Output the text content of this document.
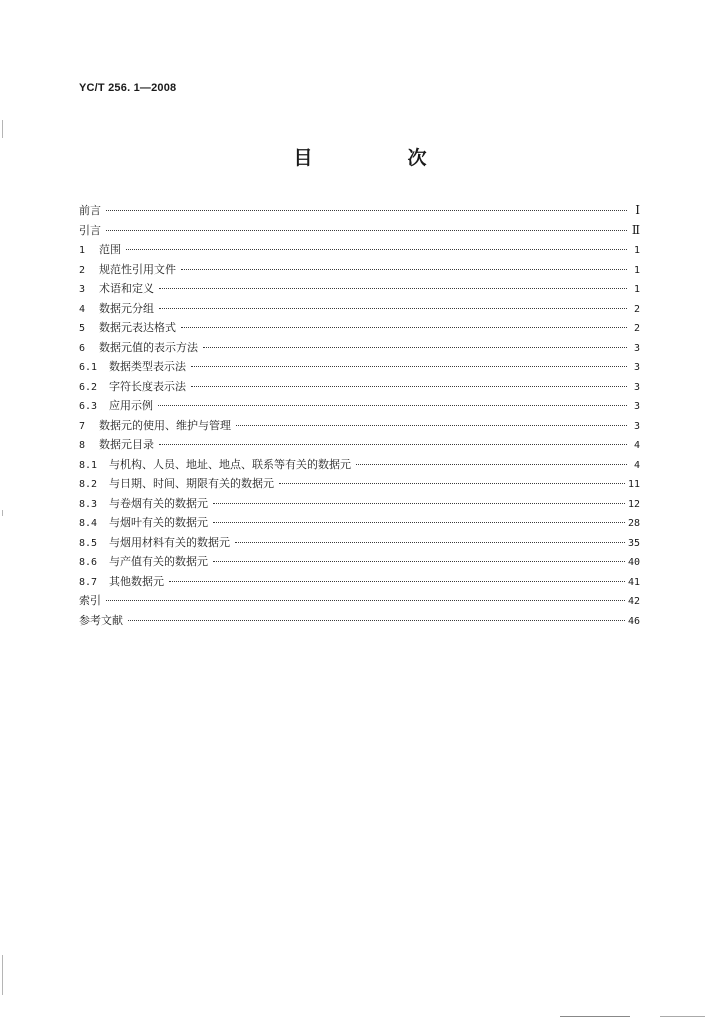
YC/T 256. 1—2008
目　次
前言	Ⅰ
引言	Ⅱ
1	范围	1
2	规范性引用文件	1
3	术语和定义	1
4	数据元分组	2
5	数据元表达格式	2
6	数据元值的表示方法	3
6.1	数据类型表示法	3
6.2	字符长度表示法	3
6.3	应用示例	3
7	数据元的使用、维护与管理	3
8	数据元目录	4
8.1	与机构、人员、地址、地点、联系等有关的数据元	4
8.2	与日期、时间、期限有关的数据元	11
8.3	与卷烟有关的数据元	12
8.4	与烟叶有关的数据元	28
8.5	与烟用材料有关的数据元	35
8.6	与产值有关的数据元	40
8.7	其他数据元	41
索引	42
参考文献	46
